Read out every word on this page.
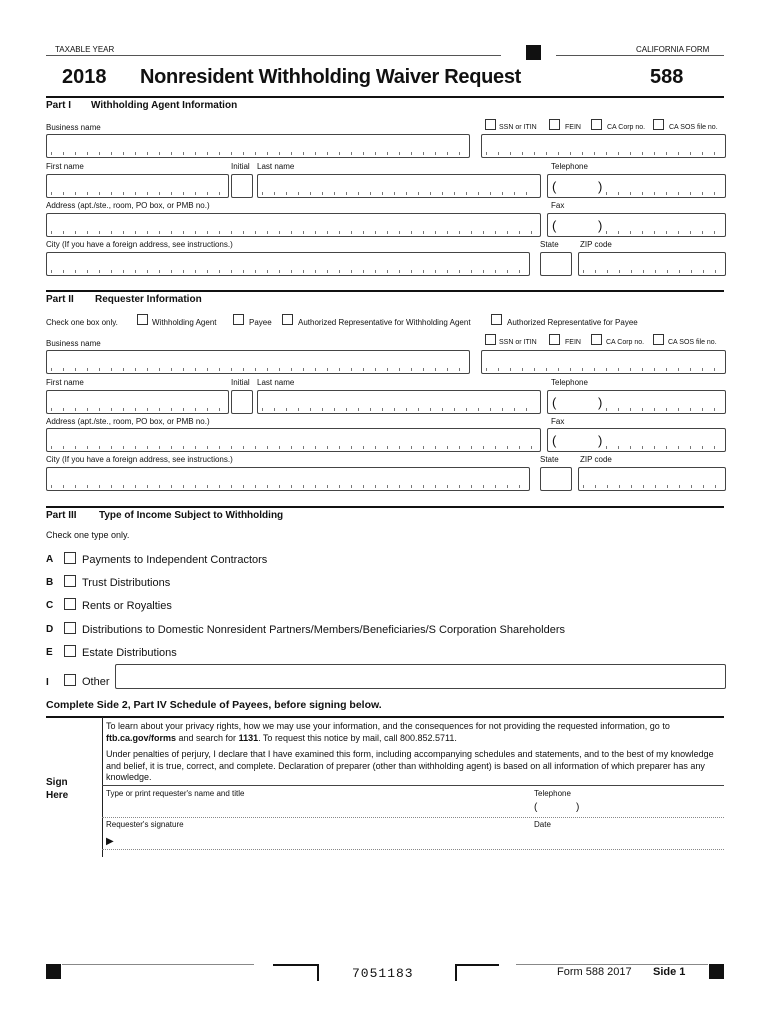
TAXABLE YEAR	CALIFORNIA FORM
2018 Nonresident Withholding Waiver Request	588
Part I Withholding Agent Information
Business name	SSN or ITIN	FEIN	CA Corp no.	CA SOS file no.
First name	Initial Last name	Telephone
(	)
Address (apt./ste., room, PO box, or PMB no.)	Fax
(	)
City (If you have a foreign address, see instructions.)	State	ZIP code
Part II Requester Information
Check one box only.	Withholding Agent	Payee	Authorized Representative for Withholding Agent	Authorized Representative for Payee
Business name	SSN or ITIN	FEIN	CA Corp no.	CA SOS file no.
First name	Initial Last name	Telephone
(	)
Address (apt./ste., room, PO box, or PMB no.)	Fax
(	)
City (If you have a foreign address, see instructions.)	State	ZIP code
Part III Type of Income Subject to Withholding
Check one type only.
A	Payments to Independent Contractors
B	Trust Distributions
C	Rents or Royalties
D	Distributions to Domestic Nonresident Partners/Members/Beneficiaries/S Corporation Shareholders
E	Estate Distributions
I	Other
Complete Side 2, Part IV Schedule of Payees, before signing below.
Sign
Here
To learn about your privacy rights, how we may use your information, and the consequences for not providing the requested information, go to ftb.ca.gov/forms and search for 1131. To request this notice by mail, call 800.852.5711.
Under penalties of perjury, I declare that I have examined this form, including accompanying schedules and statements, and to the best of my knowledge and belief, it is true, correct, and complete. Declaration of preparer (other than withholding agent) is based on all information of which preparer has any knowledge.
Type or print requester's name and title	Telephone
(	)
Requester's signature	Date
▶
7051183	Form 588 2017 Side 1
